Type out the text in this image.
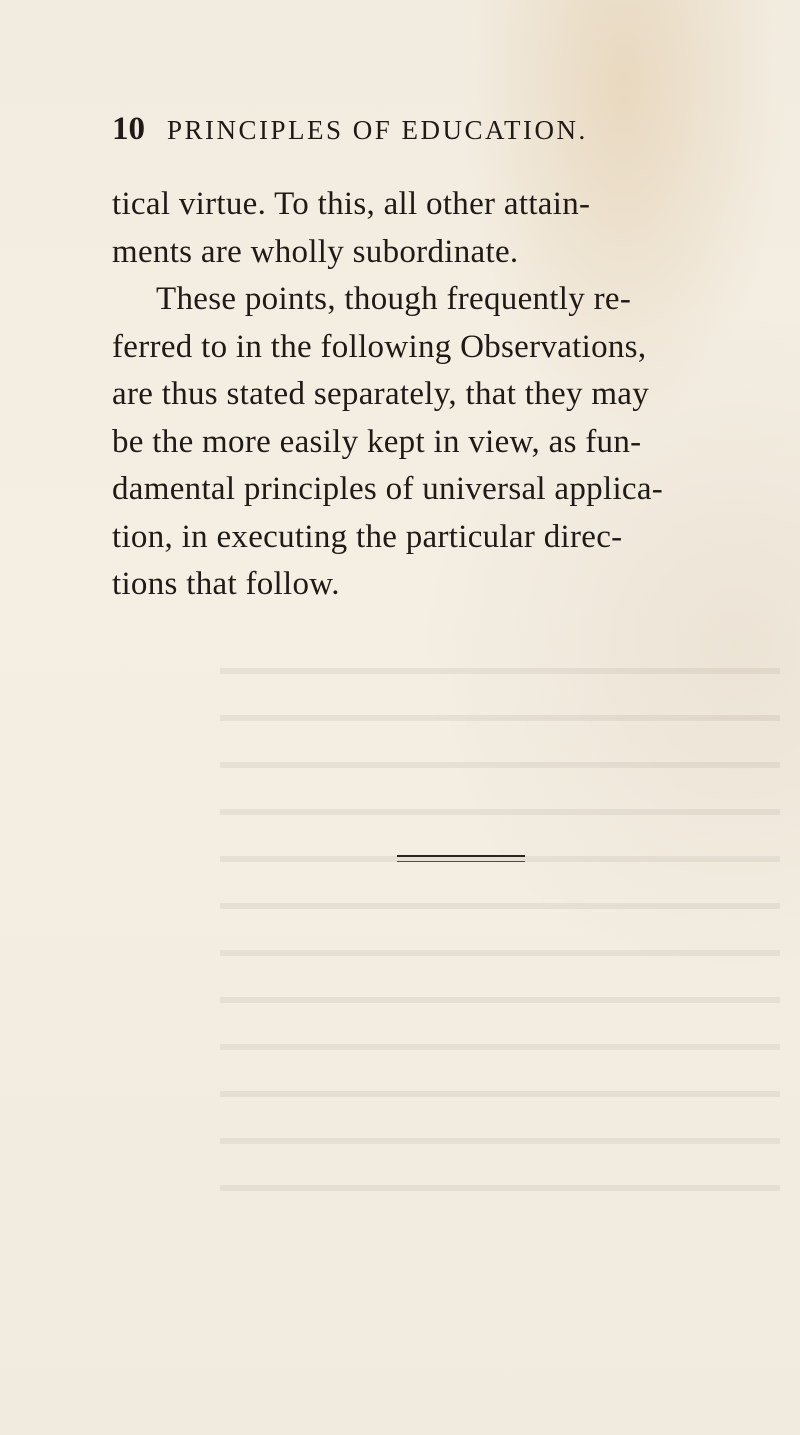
10 PRINCIPLES OF EDUCATION.
tical virtue. To this, all other attain-
ments are wholly subordinate.
These points, though frequently re-
ferred to in the following Observations,
are thus stated separately, that they may
be the more easily kept in view, as fun-
damental principles of universal applica-
tion, in executing the particular direc-
tions that follow.
